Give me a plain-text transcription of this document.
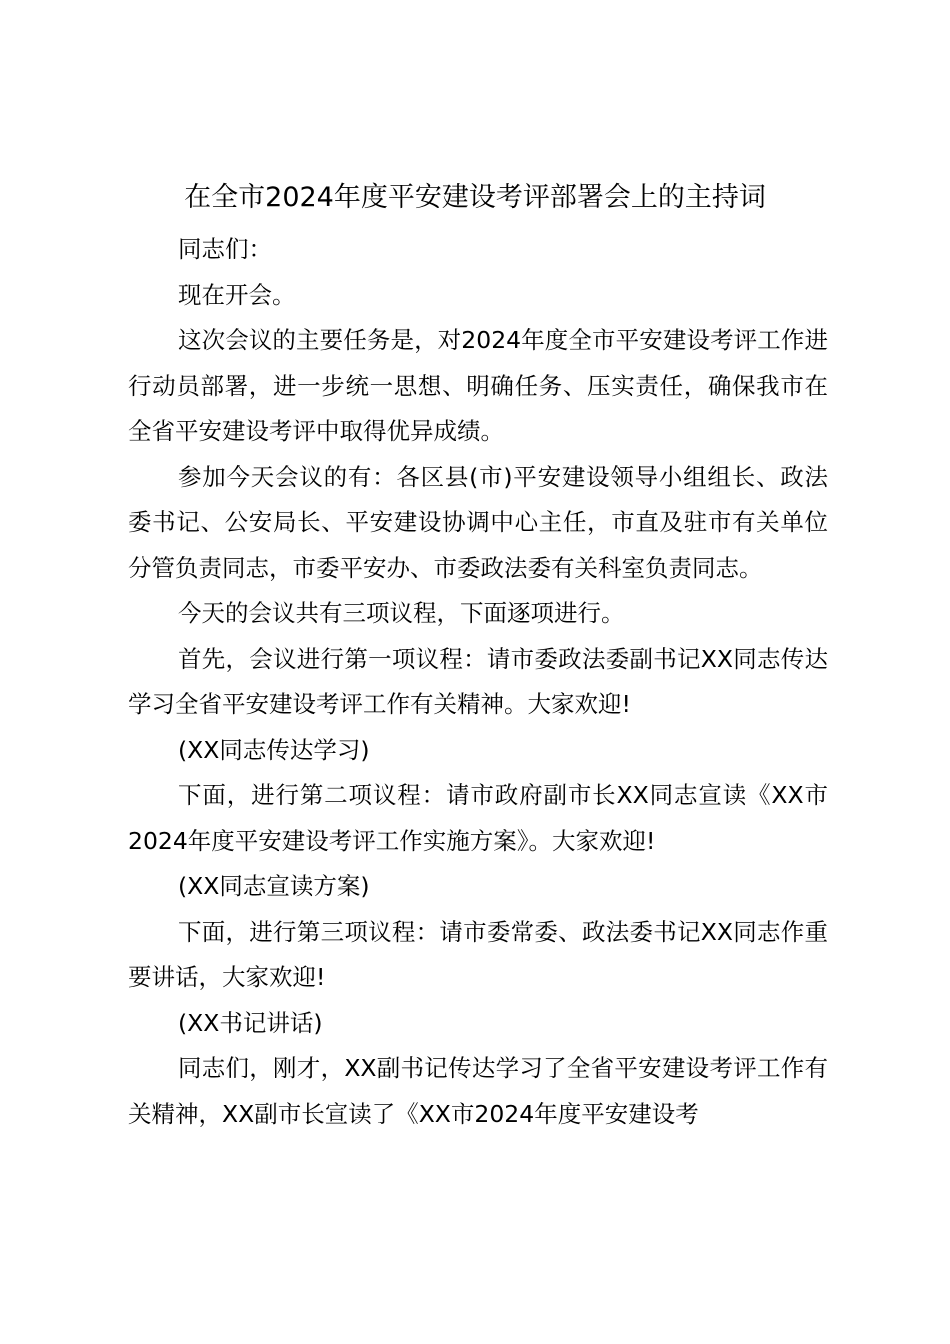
在全市2024年度平安建设考评部署会上的主持词

同志们：

现在开会。

这次会议的主要任务是，对2024年度全市平安建设考评工作进行动员部署，进一步统一思想、明确任务、压实责任，确保我市在全省平安建设考评中取得优异成绩。

参加今天会议的有：各区县(市)平安建设领导小组组长、政法委书记、公安局长、平安建设协调中心主任，市直及驻市有关单位分管负责同志，市委平安办、市委政法委有关科室负责同志。

今天的会议共有三项议程，下面逐项进行。

首先，会议进行第一项议程：请市委政法委副书记XX同志传达学习全省平安建设考评工作有关精神。大家欢迎!

(XX同志传达学习)

下面，进行第二项议程：请市政府副市长XX同志宣读《XX市2024年度平安建设考评工作实施方案》。大家欢迎!

(XX同志宣读方案)

下面，进行第三项议程：请市委常委、政法委书记XX同志作重要讲话，大家欢迎!

(XX书记讲话)

同志们，刚才，XX副书记传达学习了全省平安建设考评工作有关精神，XX副市长宣读了《XX市2024年度平安建设考
